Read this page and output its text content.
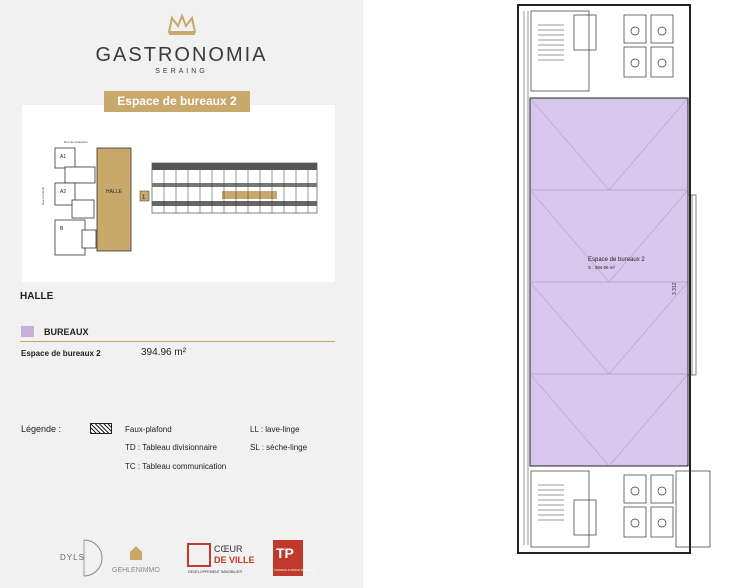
GASTRONOMIA
SERAING
Rez-de-chaussée
Rue Cockerill
A1
A2
B
HALLE
1
Espace de bureaux 2
HALLE
BUREAUX
Espace de bureaux 2	394.96 m²
Légende :	Faux-plafond
TD : Tableau divisionnaire
TC : Tableau communication
LL : lave-linge
SL : sèche-linge
DYLS
GEHLENIMMO
CŒUR
DE VILLE
DÉVELOPPEMENT IMMOBILIER
TP
THOMAS & PIRON BÂTIMENT
Espace de bureaux 2
S : 394.96 m²
3 312
